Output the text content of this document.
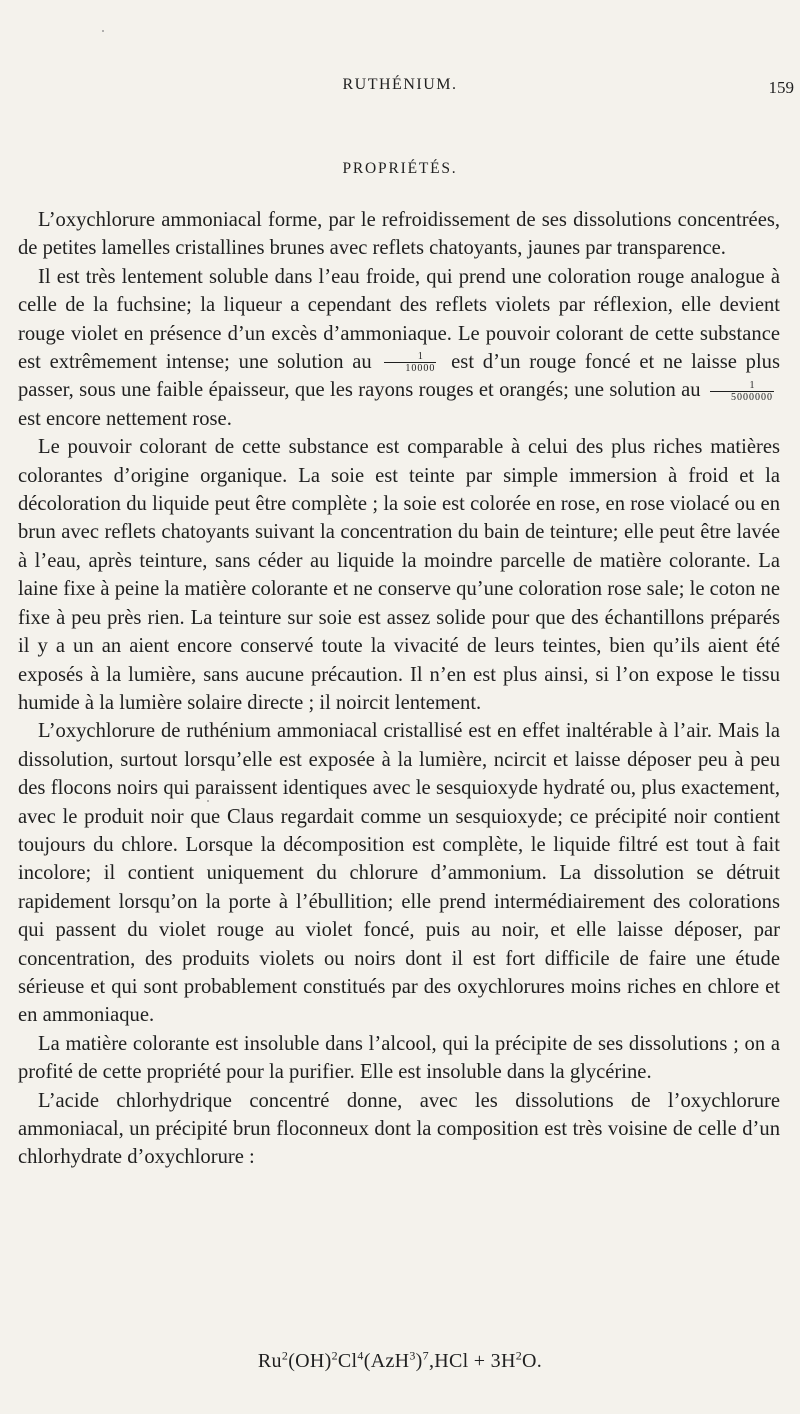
RUTHÉNIUM.	159
PROPRIÉTÉS.

L’oxychlorure ammoniacal forme, par le refroidissement de ses dissolutions concentrées, de petites lamelles cristallines brunes avec reflets chatoyants, jaunes par transparence.

Il est très lentement soluble dans l’eau froide, qui prend une coloration rouge analogue à celle de la fuchsine; la liqueur a cependant des reflets violets par réflexion, elle devient rouge violet en présence d’un excès d’ammoniaque. Le pouvoir colorant de cette substance est extrêmement intense; une solution au $\frac{1}{10000}$ est d’un rouge foncé et ne laisse plus passer, sous une faible épaisseur, que les rayons rouges et orangés; une solution au $\frac{1}{5000000}$
est encore nettement rose.

Le pouvoir colorant de cette substance est comparable à celui des plus riches matières colorantes d’origine organique. La soie est teinte par simple immersion à froid et la décoloration du liquide peut être complète ; la soie est colorée en rose, en rose violacé ou en brun avec reflets chatoyants suivant la concentration du bain de teinture; elle peut être lavée à l’eau, après teinture, sans céder au liquide la moindre parcelle de matière colorante. La laine fixe à peine la matière colorante et ne conserve qu’une coloration rose sale; le coton ne fixe à peu près rien. La teinture sur soie est assez solide pour que des échantillons préparés il y a un an aient encore conservé toute la vivacité de leurs teintes, bien qu’ils aient été exposés à la lumière, sans aucune précaution. Il n’en est plus ainsi, si l’on expose le tissu humide à la lumière solaire directe ; il noircit lentement.

L’oxychlorure de ruthénium ammoniacal cristallisé est en effet inaltérable à l’air. Mais la dissolution, surtout lorsqu’elle est exposée à la lumière, ncircit et laisse déposer peu à peu des flocons noirs qui paraissent identiques avec le sesquioxyde hydraté ou, plus exactement, avec le produit noir que Claus regardait comme un sesquioxyde; ce précipité noir contient toujours du chlore. Lorsque la décomposition est complète, le liquide filtré est tout à fait incolore; il contient uniquement du chlorure d’ammonium. La dissolution se détruit rapidement lorsqu’on la porte à l’ébullition; elle prend intermédiairement des colorations qui passent du violet rouge au violet foncé, puis au noir, et elle laisse déposer, par concentration, des produits violets ou noirs dont il est fort difficile de faire une étude sérieuse et qui sont probablement constitués par des oxychlorures moins riches en chlore et en ammoniaque.

La matière colorante est insoluble dans l’alcool, qui la précipite de ses dissolutions ; on a profité de cette propriété pour la purifier. Elle est insoluble dans la glycérine.

L’acide chlorhydrique concentré donne, avec les dissolutions de l’oxychlorure ammoniacal, un précipité brun floconneux dont la composition est très voisine de celle d’un chlorhydrate d’oxychlorure :

$Ru^2(OH)^2Cl^4(AzH^3)^7,HCl + 3H^2O$.
